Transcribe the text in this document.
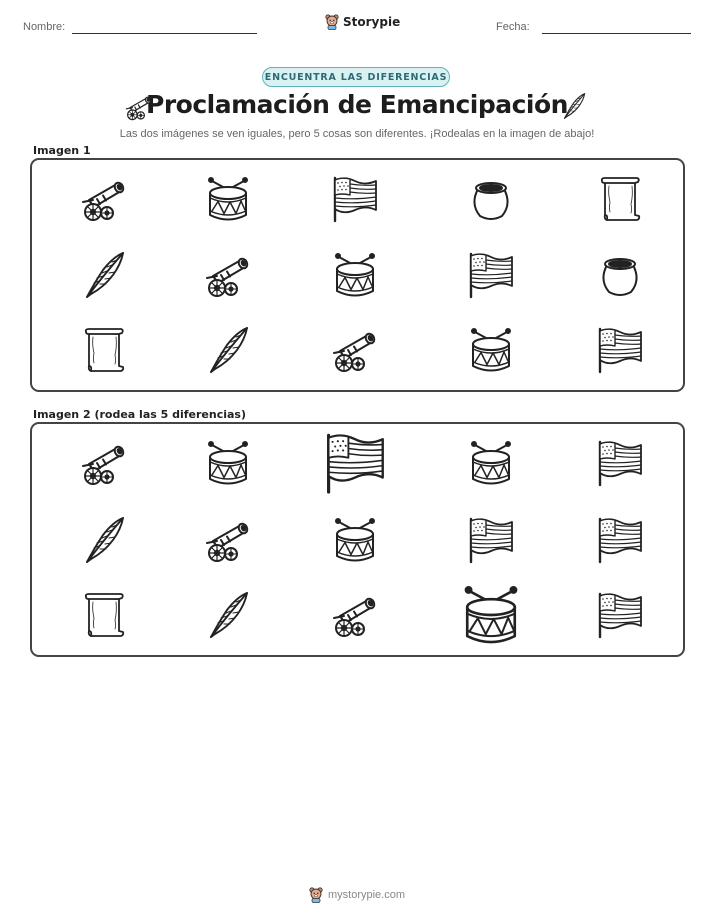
Nombre:	Storypie	Fecha:
ENCUENTRA LAS DIFERENCIAS
Proclamación de Emancipación
Las dos imágenes se ven iguales, pero 5 cosas son diferentes. ¡Rodealas en la imagen de abajo!
Imagen 1
Imagen 2 (rodea las 5 diferencias)
mystorypie.com
